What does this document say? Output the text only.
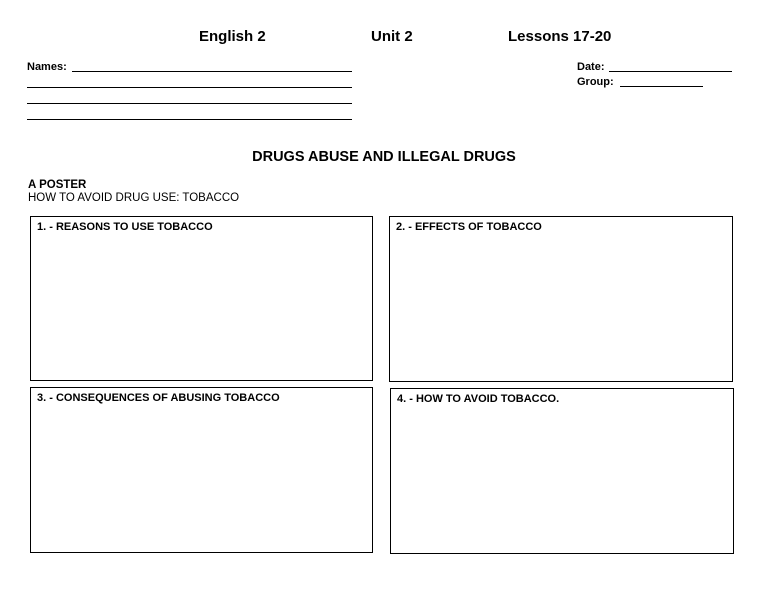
English 2	Unit 2	Lessons 17-20
Names:	Date:
Group:
DRUGS ABUSE AND ILLEGAL DRUGS
A POSTER
HOW TO AVOID DRUG USE: TOBACCO
1. - REASONS TO USE TOBACCO	2. - EFFECTS OF TOBACCO
3. - CONSEQUENCES OF ABUSING TOBACCO	4. - HOW TO AVOID TOBACCO.
